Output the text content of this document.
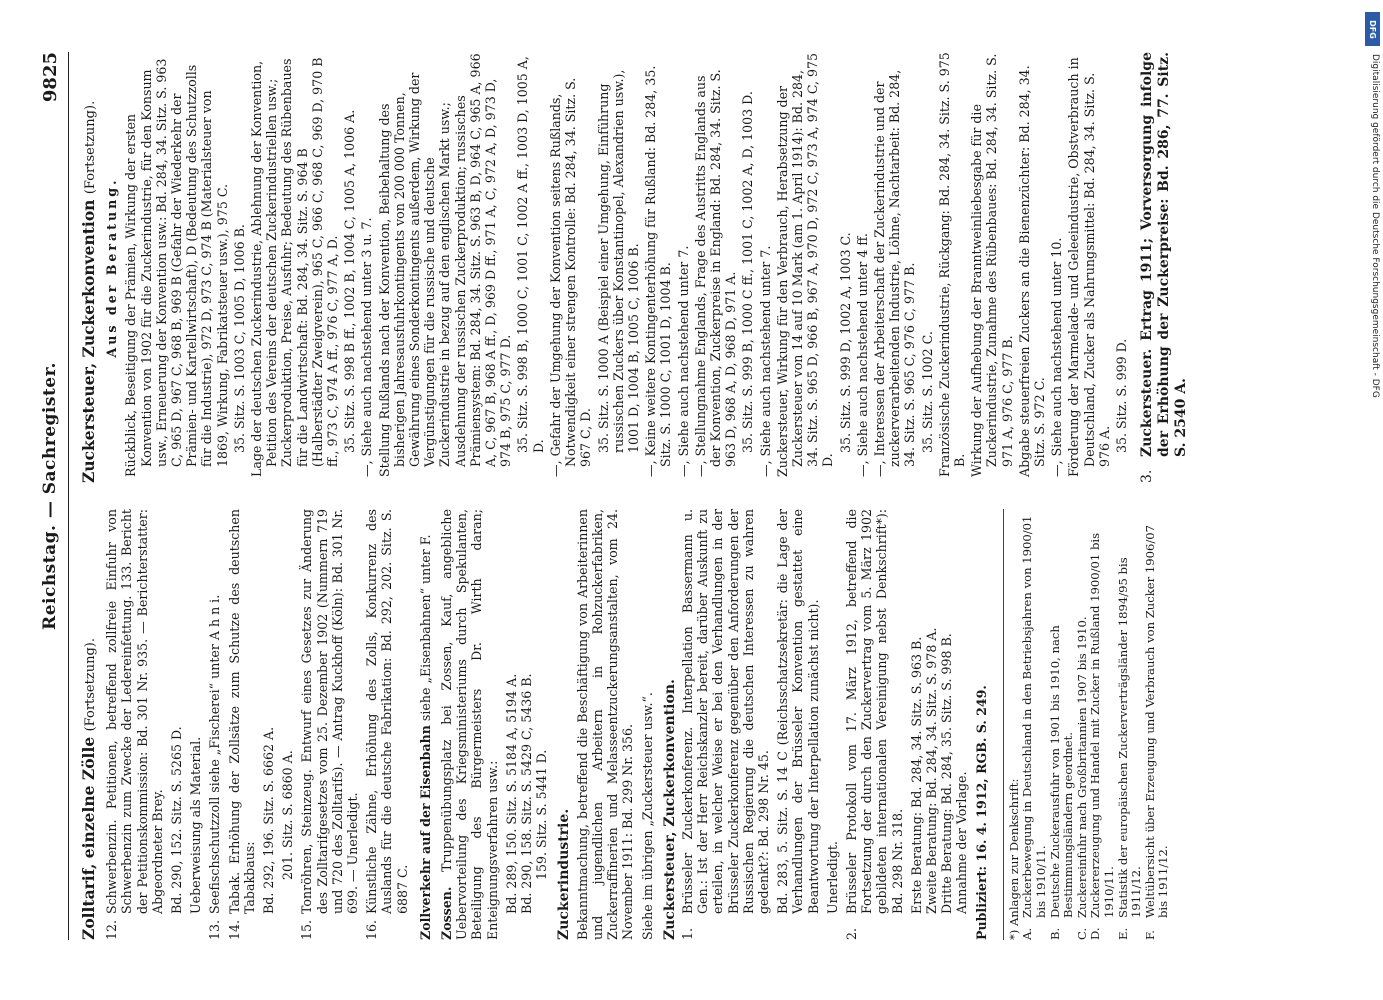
Reichstag. — Sachregister.
9825
Zolltarif, einzelne Zölle (Fortsetzung).
12.
Schwerbenzin. Petitionen, betreffend zollfreie Einfuhr von Schwerbenzin zum Zwecke der Ledereinfettung. 133. Bericht der Petitionskommission: Bd. 301 Nr. 935. — Berichterstatter: Abgeordneter Brey. Bd. 290, 152. Sitz. S. 5265 D. Ueberweisung als Material.

13.
Seefischschutzzoll siehe „Fischerei“ unter A h n i.
14.
Tabak. Erhöhung der Zollsätze zum Schutze des deutschen Tabakbaus: Bd. 292, 196. Sitz. S. 6662 A. 201. Sitz. S. 6860 A.

15.
Tonröhren, Steinzeug. Entwurf eines Gesetzes zur Änderung des Zolltarifgesetzes vom 25. Dezember 1902 (Nummern 719 und 720 des Zolltarifs). — Antrag Kuckhoff (Köln): Bd. 301 Nr. 699. — Unerledigt.
16.
Künstliche Zähne, Erhöhung des Zolls, Konkurrenz des Auslands für die deutsche Fabrikation: Bd. 292, 202. Sitz. S. 6887 C. Zollverkehr auf der Eisenbahn siehe „Eisenbahnen“ unter F.

Zossen. Truppenübungsplatz bei Zossen, Kauf, angebliche Uebervorteilung des Kriegsministeriums durch Spekulanten, Beteiligung des Bürgermeisters Dr. Wirth daran; Enteignungsverfahren usw.: Bd. 289, 150. Sitz. S. 5184 A, 5194 A. Bd. 290, 158. Sitz. S. 5429 C, 5436 B. 159. Sitz. S. 5441 D. Zuckerindustrie. Bekanntmachung, betreffend die Beschäftigung von Arbeiterinnen und jugendlichen Arbeitern in Rohzuckerfabriken, Zuckerraffinerien und Melasseentzuckerungsanstalten, vom 24. November 1911: Bd. 299 Nr. 356. Siehe im übrigen „Zuckersteuer usw.“. Zuckersteuer, Zuckerkonvention. 1.
Brüsseler Zuckerkonferenz. Interpellation Bassermann u. Gen.: Ist der Herr Reichskanzler bereit, darüber Auskunft zu erteilen, in welcher Weise er bei den Verhandlungen in der Brüsseler Zuckerkonferenz gegenüber den Anforderungen der Russischen Regierung die deutschen Interessen zu wahren gedenkt?: Bd. 298 Nr. 45. Bd. 283, 5. Sitz. S. 14 C (Reichsschatzsekretär: die Lage der Verhandlungen der Brüsseler Konvention gestattet eine Beantwortung der Interpellation zunächst nicht). Unerledigt.

2.
Brüsseler Protokoll vom 17. März 1912, betreffend die Fortsetzung der durch den Zuckervertrag vom 5. März 1902 gebildeten internationalen Vereinigung nebst Denkschrift*): Bd. 298 Nr. 318. Erste Beratung: Bd. 284, 34. Sitz. S. 963 B. Zweite Beratung: Bd. 284, 34. Sitz. S. 978 A. Dritte Beratung: Bd. 284, 35. Sitz. S. 998 B. Annahme der Vorlage. Publiziert: 16. 4. 1912, RGB. S. 249. *) Anlagen zur Denkschrift: A.
Zuckerbewegung in Deutschland in den Betriebsjahren von 1900/01 bis 1910/11.
B.
Deutsche Zuckerausfuhr von 1901 bis 1910, nach Bestimmungsländern geordnet.
C.
Zuckereinfuhr nach Großbritannien 1907 bis 1910.
D.
Zuckererzeugung und Handel mit Zucker in Rußland 1900/01 bis 1910/11.
E.
Statistik der europäischen Zuckerverträgsländer 1894/95 bis 1911/12.
F.
Weltübersicht über Erzeugung und Verbrauch von Zucker 1906/07 bis 1911/12.
Zuckersteuer, Zuckerkonvention (Fortsetzung).
Aus der Beratung. Rückblick, Beseitigung der Prämien, Wirkung der ersten Konvention von 1902 für die Zuckerindustrie, für den Konsum usw., Erneuerung der Konvention usw.: Bd. 284, 34. Sitz. S. 963 C, 965 D, 967 C, 968 B, 969 B (Gefahr der Wiederkehr der Prämien- und Kartellwirtschaft), D (Bedeutung des Schutzzolls für die Industrie), 972 D, 973 C, 974 B (Materialsteuer von 1869, Wirkung, Fabrikatsteuer usw.), 975 C. 35. Sitz. S. 1003 C, 1005 D, 1006 B. Lage der deutschen Zuckerindustrie, Ablehnung der Konvention, Petition des Vereins der deutschen Zuckerindustriellen usw.; Zuckerproduktion, Preise, Ausfuhr; Bedeutung des Rübenbaues für die Landwirtschaft: Bd. 284, 34. Sitz. S. 964 B (Halberstädter Zweigverein), 965 C, 966 C, 968 C, 969 D, 970 B ff., 973 C, 974 A ff., 976 C, 977 A, D. 35. Sitz. S. 998 B ff., 1002 B, 1004 C, 1005 A, 1006 A. —, Siehe auch nachstehend unter 3 u. 7. Stellung Rußlands nach der Konvention, Beibehaltung des bisherigen Jahresausfuhrkontingents von 200 000 Tonnen, Gewährung eines Sonderkontingents außerdem, Wirkung der Vergünstigungen für die russische und deutsche Zuckerindustrie in bezug auf den englischen Markt usw.; Ausdehnung der russischen Zuckerproduktion; russisches Prämiensystem: Bd. 284, 34. Sitz. S. 963 B, D, 964 C, 965 A, 966 A, C, 967 B, 968 A ff., D, 969 D ff., 971 A, C, 972 A, D, 973 D, 974 B, 975 C, 977 D. 35. Sitz. S. 998 B, 1000 C, 1001 C, 1002 A ff., 1003 D, 1005 A, D. —, Gefahr der Umgehung der Konvention seitens Rußlands, Notwendigkeit einer strengen Kontrolle: Bd. 284, 34. Sitz. S. 967 C, D. 35. Sitz. S. 1000 A (Beispiel einer Umgehung, Einführung russischen Zuckers über Konstantinopel, Alexandrien usw.), 1001 D, 1004 B, 1005 C, 1006 B. —, Keine weitere Kontingenterhöhung für Rußland: Bd. 284, 35. Sitz. S. 1000 C, 1001 D, 1004 B. —, Siehe auch nachstehend unter 7. —, Stellungnahme Englands, Frage des Austritts Englands aus der Konvention, Zuckerpreise in England: Bd. 284, 34. Sitz. S. 963 D, 968 A, D, 968 D, 971 A. 35. Sitz. S. 999 B, 1000 C ff., 1001 C, 1002 A, D, 1003 D. —, Siehe auch nachstehend unter 7. Zuckersteuer, Wirkung für den Verbrauch, Herabsetzung der Zuckersteuer von 14 auf 10 Mark (am 1. April 1914): Bd. 284, 34. Sitz. S. 965 D, 966 B, 967 A, 970 D, 972 C, 973 A, 974 C, 975 D.

35. Sitz. S. 999 D, 1002 A, 1003 C. —, Siehe auch nachstehend unter 4 ff. —, Interessen der Arbeiterschaft der Zuckerindustrie und der zuckerverarbeitenden Industrie, Löhne, Nachtarbeit: Bd. 284, 34. Sitz. S. 965 C, 976 C, 977 B. 35. Sitz. S. 1002 C. Französische Zuckerindustrie, Rückgang: Bd. 284, 34. Sitz. S. 975 B. Wirkung der Aufhebung der Branntweinliebesgabe für die Zuckerindustrie, Zunahme des Rübenbaues: Bd. 284, 34. Sitz. S. 971 A, 976 C, 977 B. Abgabe steuerfreien Zuckers an die Bienenzüchter: Bd. 284, 34. Sitz. S. 972 C. —, Siehe auch nachstehend unter 10. Förderung der Marmelade- und Geleeindustrie, Obstverbrauch in Deutschland, Zucker als Nahrungsmittel: Bd. 284, 34. Sitz. S. 976 A. 35. Sitz. S. 999 D.

3.
Zuckersteuer. Ertrag 1911; Vorversorgung infolge der Erhöhung der Zuckerpreise: Bd. 286, 77. Sitz. S. 2540 A.
DFG
Digitalisierung gefördert durch die Deutsche Forschungsgemeinschaft - DFG
